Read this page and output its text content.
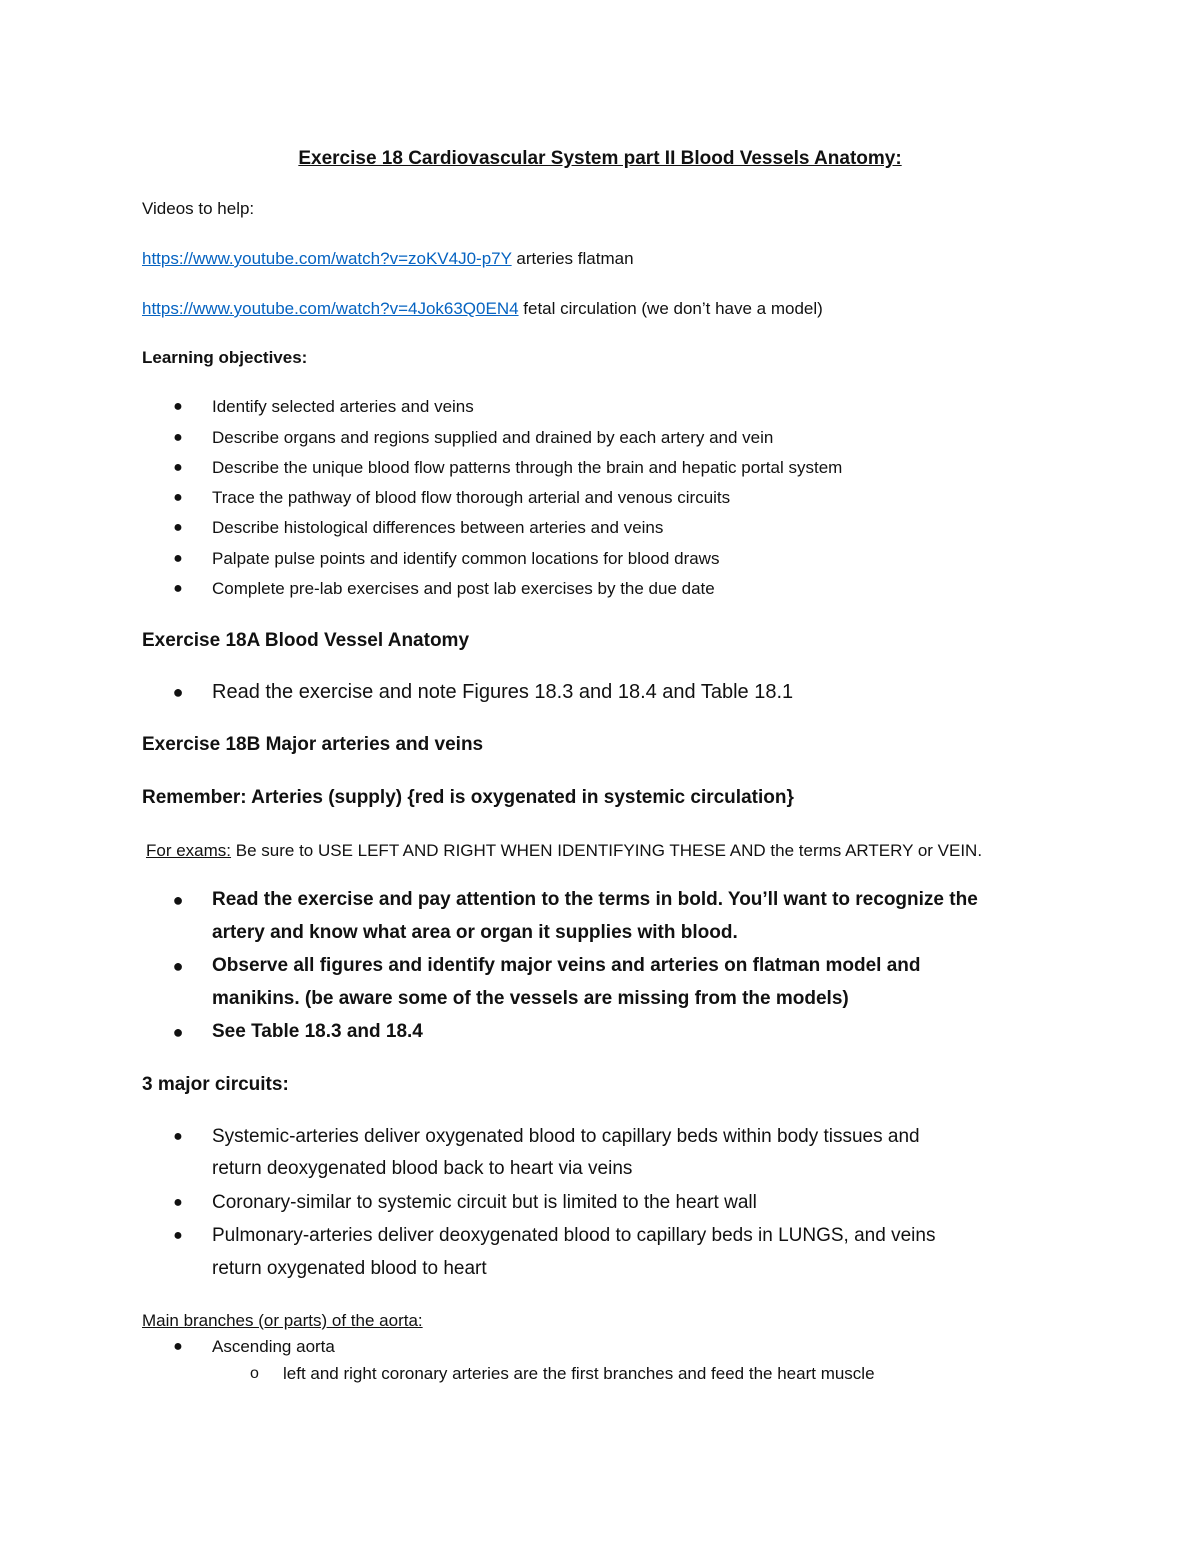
Exercise 18 Cardiovascular System part II Blood Vessels Anatomy:
Videos to help:
https://www.youtube.com/watch?v=zoKV4J0-p7Y arteries flatman
https://www.youtube.com/watch?v=4Jok63Q0EN4 fetal circulation (we don’t have a model)
Learning objectives:
● Identify selected arteries and veins
● Describe organs and regions supplied and drained by each artery and vein
● Describe the unique blood flow patterns through the brain and hepatic portal system
● Trace the pathway of blood flow thorough arterial and venous circuits
● Describe histological differences between arteries and veins
● Palpate pulse points and identify common locations for blood draws
● Complete pre-lab exercises and post lab exercises by the due date
Exercise 18A Blood Vessel Anatomy
● Read the exercise and note Figures 18.3 and 18.4 and Table 18.1
Exercise 18B Major arteries and veins
Remember: Arteries (supply) {red is oxygenated in systemic circulation}
For exams: Be sure to USE LEFT AND RIGHT WHEN IDENTIFYING THESE AND the terms ARTERY or VEIN.
● Read the exercise and pay attention to the terms in bold. You’ll want to recognize the
artery and know what area or organ it supplies with blood.
● Observe all figures and identify major veins and arteries on flatman model and
manikins. (be aware some of the vessels are missing from the models)
● See Table 18.3 and 18.4
3 major circuits:
● Systemic-arteries deliver oxygenated blood to capillary beds within body tissues and
return deoxygenated blood back to heart via veins
● Coronary-similar to systemic circuit but is limited to the heart wall
● Pulmonary-arteries deliver deoxygenated blood to capillary beds in LUNGS, and veins
return oxygenated blood to heart
Main branches (or parts) of the aorta:
● Ascending aorta
o left and right coronary arteries are the first branches and feed the heart muscle
